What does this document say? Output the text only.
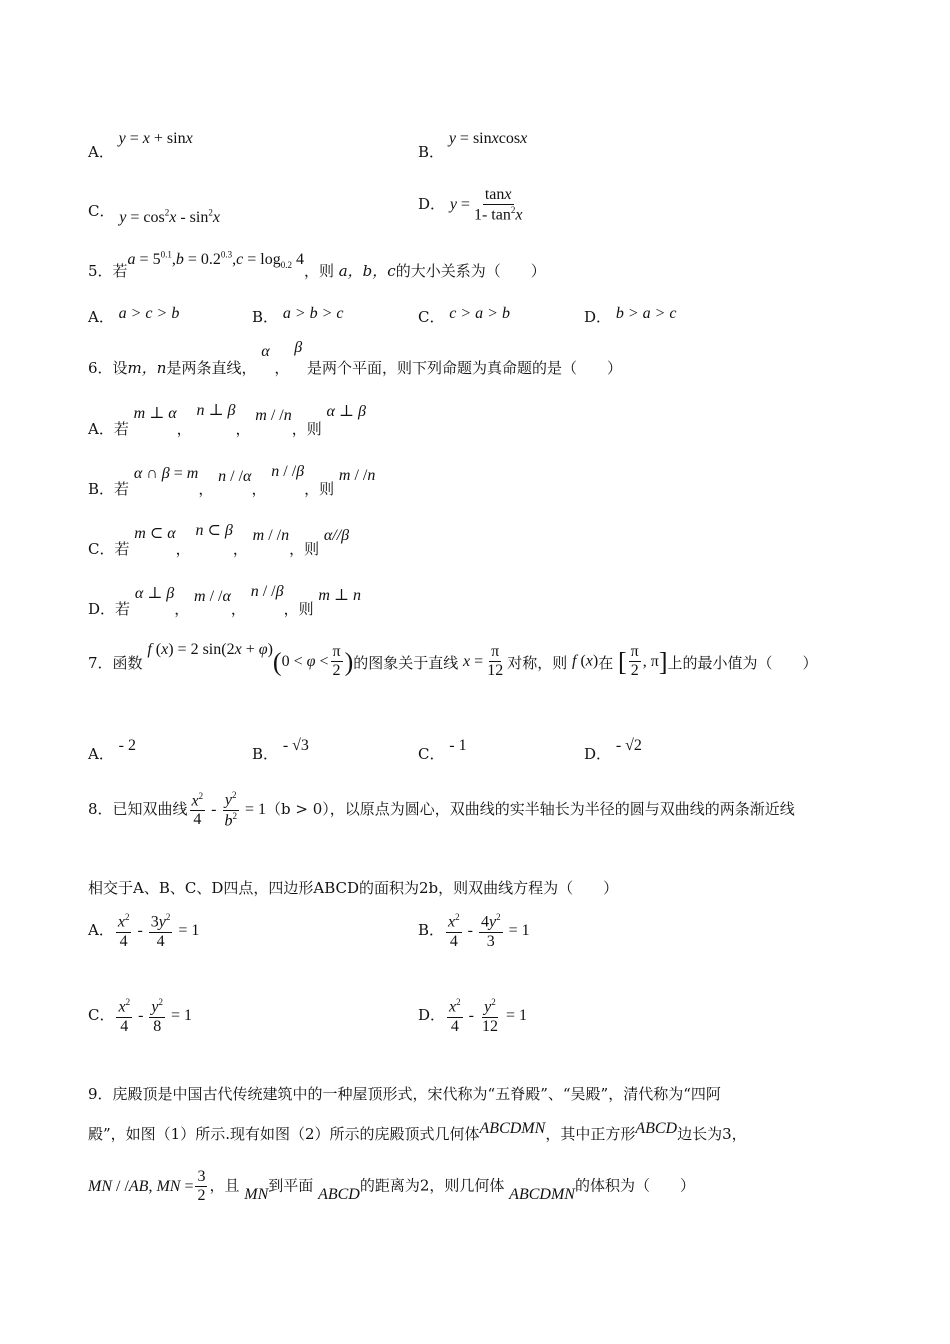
A． y = x + sinx
B． y = sinxcosx
C． $y = \cos^2x - \sin^2x$
D． $y = \frac{\tan x}{1- \tan^2x}$
5．若$a = 5^{0.1},b = 0.2^{0.3},c = \log_{0.2} 4$，则 a，b，c的大小关系为（　　）
A． a > c > b	B． a > b > c	C． c > a > b	D． b > a > c
6．设m，n是两条直线， α ， β 是两个平面，则下列命题为真命题的是（　　）
A．若 m ⊥ α， n ⊥ β， m / /n，则 α ⊥ β
B．若 α ∩ β = m， n / /α， n / /β，则 m / /n
C．若 m ⊂ α， n ⊂ β， m / /n，则 α//β
D．若 α ⊥ β， m / /α， n / /β，则 m ⊥ n
7．函数 f (x) = 2 $\sin(2x + \varphi)(0 < \varphi < \frac{\pi}{2}$ )的图象关于直线 $x = \frac{\pi}{12}$ 对称，则 f (x)在 [ $\frac{\pi}{2}$ , π]上的最小值为（　　）
A． - 2	B． - √3	C． - 1	D． - √2
8．已知双曲线 $\frac{x^2}{4} - \frac{y^2}{b^2} = 1(b > 0)$，以原点为圆心，双曲线的实半轴长为半径的圆与双曲线的两条渐近线
相交于A、B、C、D四点，四边形ABCD的面积为2b，则双曲线方程为（　　）
A． $\frac{x^2}{4} - \frac{3y^2}{4} = 1$	B． $\frac{x^2}{4} - \frac{4y^2}{3} = 1$
C． $\frac{x^2}{4} - \frac{y^2}{8} = 1$	D． $\frac{x^2}{4} - \frac{y^2}{12} = 1$
9．庑殿顶是中国古代传统建筑中的一种屋顶形式，宋代称为“五脊殿”、“吴殿”，清代称为“四阿
殿”，如图（1）所示.现有如图（2）所示的庑殿顶式几何体ABCDMN，其中正方形ABCD边长为3，
MN / /AB, MN = $\frac{3}{2}$ ，且 MN到平面 ABCD的距离为2，则几何体 ABCDMN的体积为（　　）
